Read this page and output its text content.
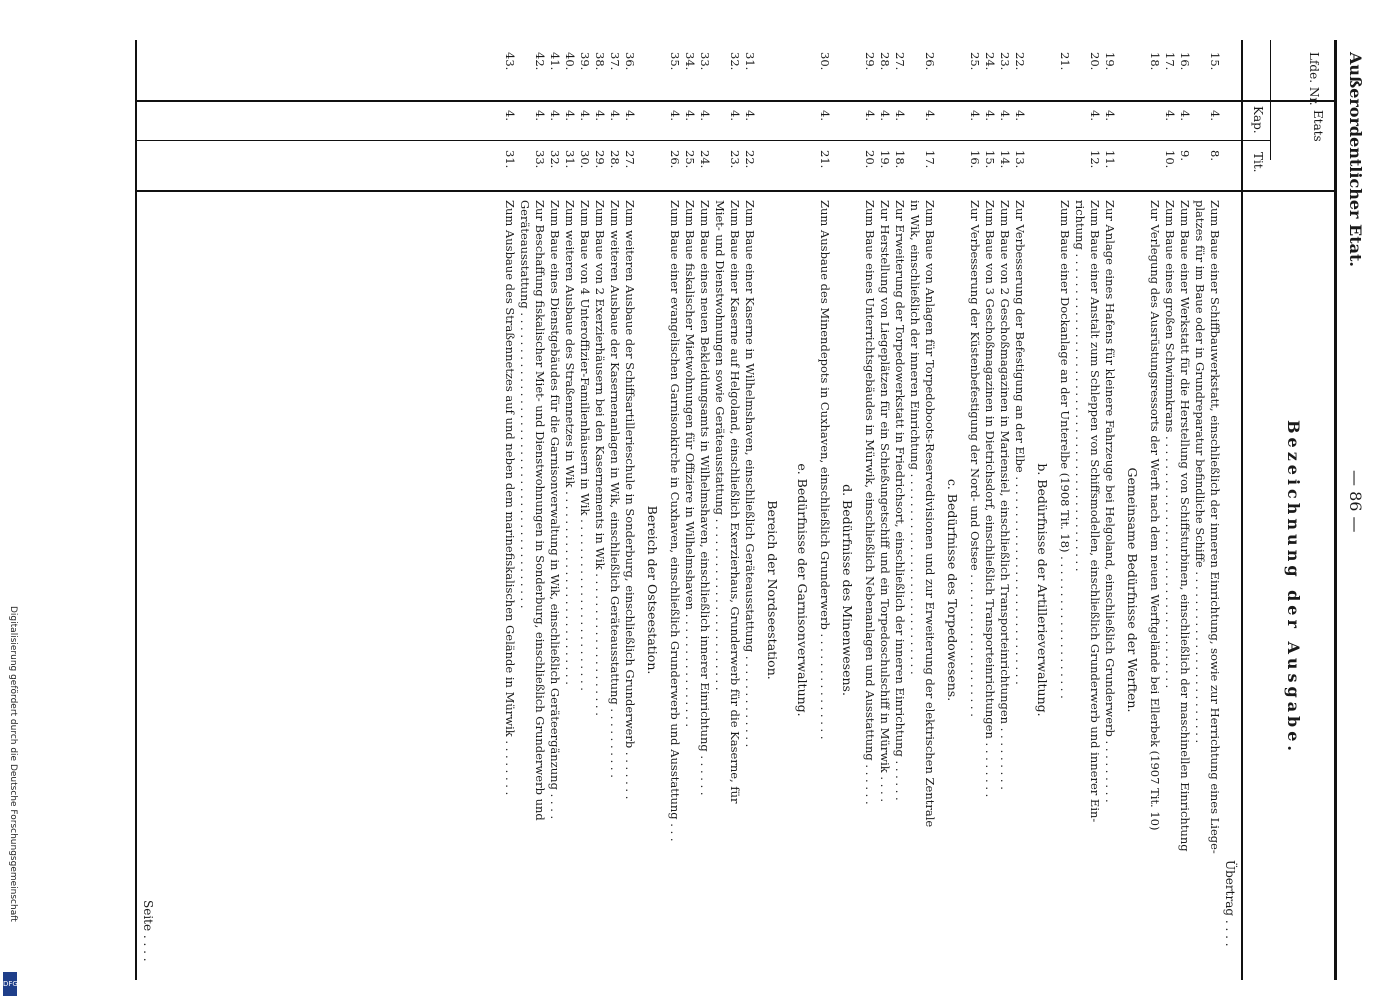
Außerordentlicher Etat.
— 86 —
Lfde. Nr.
Etats
Kap.
Tit.
Bezeichnung der Ausgabe.
Übertrag . . . .
15.
4.
8.
Zum Baue einer Schiffbauwerkstatt, einschließlich der inneren Einrichtung, sowie zur Herrichtung eines Liege-
platzes für im Baue oder in Grundreparatur befindliche Schiffe . . . . . . . . . . . . . . . . . . . . . . . .
16.
4.
9.
Zum Baue einer Werkstatt für die Herstellung von Schiffsturbinen, einschließlich der maschinellen Einrichtung
17.
4.
10.
Zum Baue eines großen Schwimmkrans . . . . . . . . . . . . . . . . . . . . . . . . . . . . . . . . . . .
18.
Zur Verlegung des Ausrüstungsressorts der Werft nach dem neuen Werftgelände bei Ellerbek (1907 Tit. 10)
Gemeinsame Bedürfnisse der Werften.
19.
4.
11.
Zur Anlage eines Hafens für kleinere Fahrzeuge bei Helgoland, einschließlich Grunderwerb . . . . . . . . .
20.
4.
12.
Zum Baue einer Anstalt zum Schleppen von Schiffsmodellen, einschließlich Grunderwerb und innerer Ein-
richtung . . . . . . . . . . . . . . . . . . . . . . . . . . . . . . . . . . . . . . . . . . . .
21.
Zum Baue einer Dockanlage an der Unterelbe (1908 Tit. 18) . . . . . . . . . . . . . . . . . . . .
b. Bedürfnisse der Artillerieverwaltung.
22.
4.
13.
Zur Verbesserung der Befestigung an der Elbe . . . . . . . . . . . . . . . . . . . . . . . . . . . . .
23.
4.
14.
Zum Baue von 2 Geschoßmagazinen in Mariensiel, einschließlich Transporteinrichtungen . . . . . . . . .
24.
4.
15.
Zum Baue von 3 Geschoßmagazinen in Dietrichsdorf, einschließlich Transporteinrichtungen . . . . . . . .
25.
4.
16.
Zur Verbesserung der Küstenbefestigung der Nord- und Ostsee . . . . . . . . . . . . . . . . . . . .
c. Bedürfnisse des Torpedowesens.
26.
4.
17.
Zum Baue von Anlagen für Torpedoboots-Reservedivisionen und zur Erweiterung der elektrischen Zentrale
in Wik, einschließlich der inneren Einrichtung . . . . . . . . . . . . . . . . . . . . . . . . . . . .
27.
4.
18.
Zur Erweiterung der Torpedowerkstatt in Friedrichsort, einschließlich der inneren Einrichtung . . . . . .
28.
4.
19.
Zur Herstellung von Liegeplätzen für ein Schießungetschiff und ein Torpedoschulschiff in Mürwik . . . .
29.
4.
20.
Zum Baue eines Unterrichtsgebäudes in Mürwik, einschließlich Nebenanlagen und Ausstattung . . . . . .
d. Bedürfnisse des Minenwesens.
30.
4.
21.
Zum Ausbaue des Minendepots in Cuxhaven, einschließlich Grunderwerb . . . . . . . . . . . . . . .
e. Bedürfnisse der Garnisonverwaltung.
Bereich der Nordseestation.
31.
4.
22.
Zum Baue einer Kaserne in Wilhelmshaven, einschließlich Geräteausstattung . . . . . . . . . . . . .
32.
4.
23.
Zum Baue einer Kaserne auf Helgoland, einschließlich Exerzierhaus, Grunderwerb für die Kaserne, für
Miet- und Dienstwohnungen sowie Geräteausstattung . . . . . . . . . . . . . . . . . . . . . . . .
33.
4.
24.
Zum Baue eines neuen Bekleidungsamts in Wilhelmshaven, einschließlich innerer Einrichtung . . . . . .
34.
4.
25.
Zum Baue fiskalischer Mietwohnungen für Offiziere in Wilhelmshaven . . . . . . . . . . . . . . . .
35.
4.
26.
Zum Baue einer evangelischen Garnisonkirche in Cuxhaven, einschließlich Grunderwerb und Ausstattung . . .
Bereich der Ostseestation.
36.
4.
27.
Zum weiteren Ausbaue der Schiffsartillerieschule in Sonderburg, einschließlich Grunderwerb . . . . . . .
37.
4.
28.
Zum weiteren Ausbaue der Kasernenanlagen in Wik, einschließlich Geräteausstattung . . . . . . . . . .
38.
4.
29.
Zum Baue von 2 Exerzierhäusern bei den Kasernements in Wik . . . . . . . . . . . . . . . . . . . .
39.
4.
30.
Zum Baue von 4 Unteroffizier-Familienhäusern in Wik . . . . . . . . . . . . . . . . . . . . . . . .
40.
4.
31.
Zum weiteren Ausbaue des Straßennetzes in Wik . . . . . . . . . . . . . . . . . . . . . . . . . . .
41.
4.
32.
Zum Baue eines Dienstgebäudes für die Garnisonverwaltung in Wik, einschließlich Geräteergänzung . . . .
42.
4.
33.
Zur Beschaffung fiskalischer Miet- und Dienstwohnungen in Sonderburg, einschließlich Grunderwerb und
Geräteausstattung . . . . . . . . . . . . . . . . . . . . . . . . . . . . . . . . . . . . . . . . .
43.
4.
31.
Zum Ausbaue des Straßennetzes auf und neben dem marinefiskalischen Gelände in Mürwik . . . . . . . .
Seite . . . .
Digitalisierung gefördert durch die Deutsche Forschungsgemeinschaft
DFG
